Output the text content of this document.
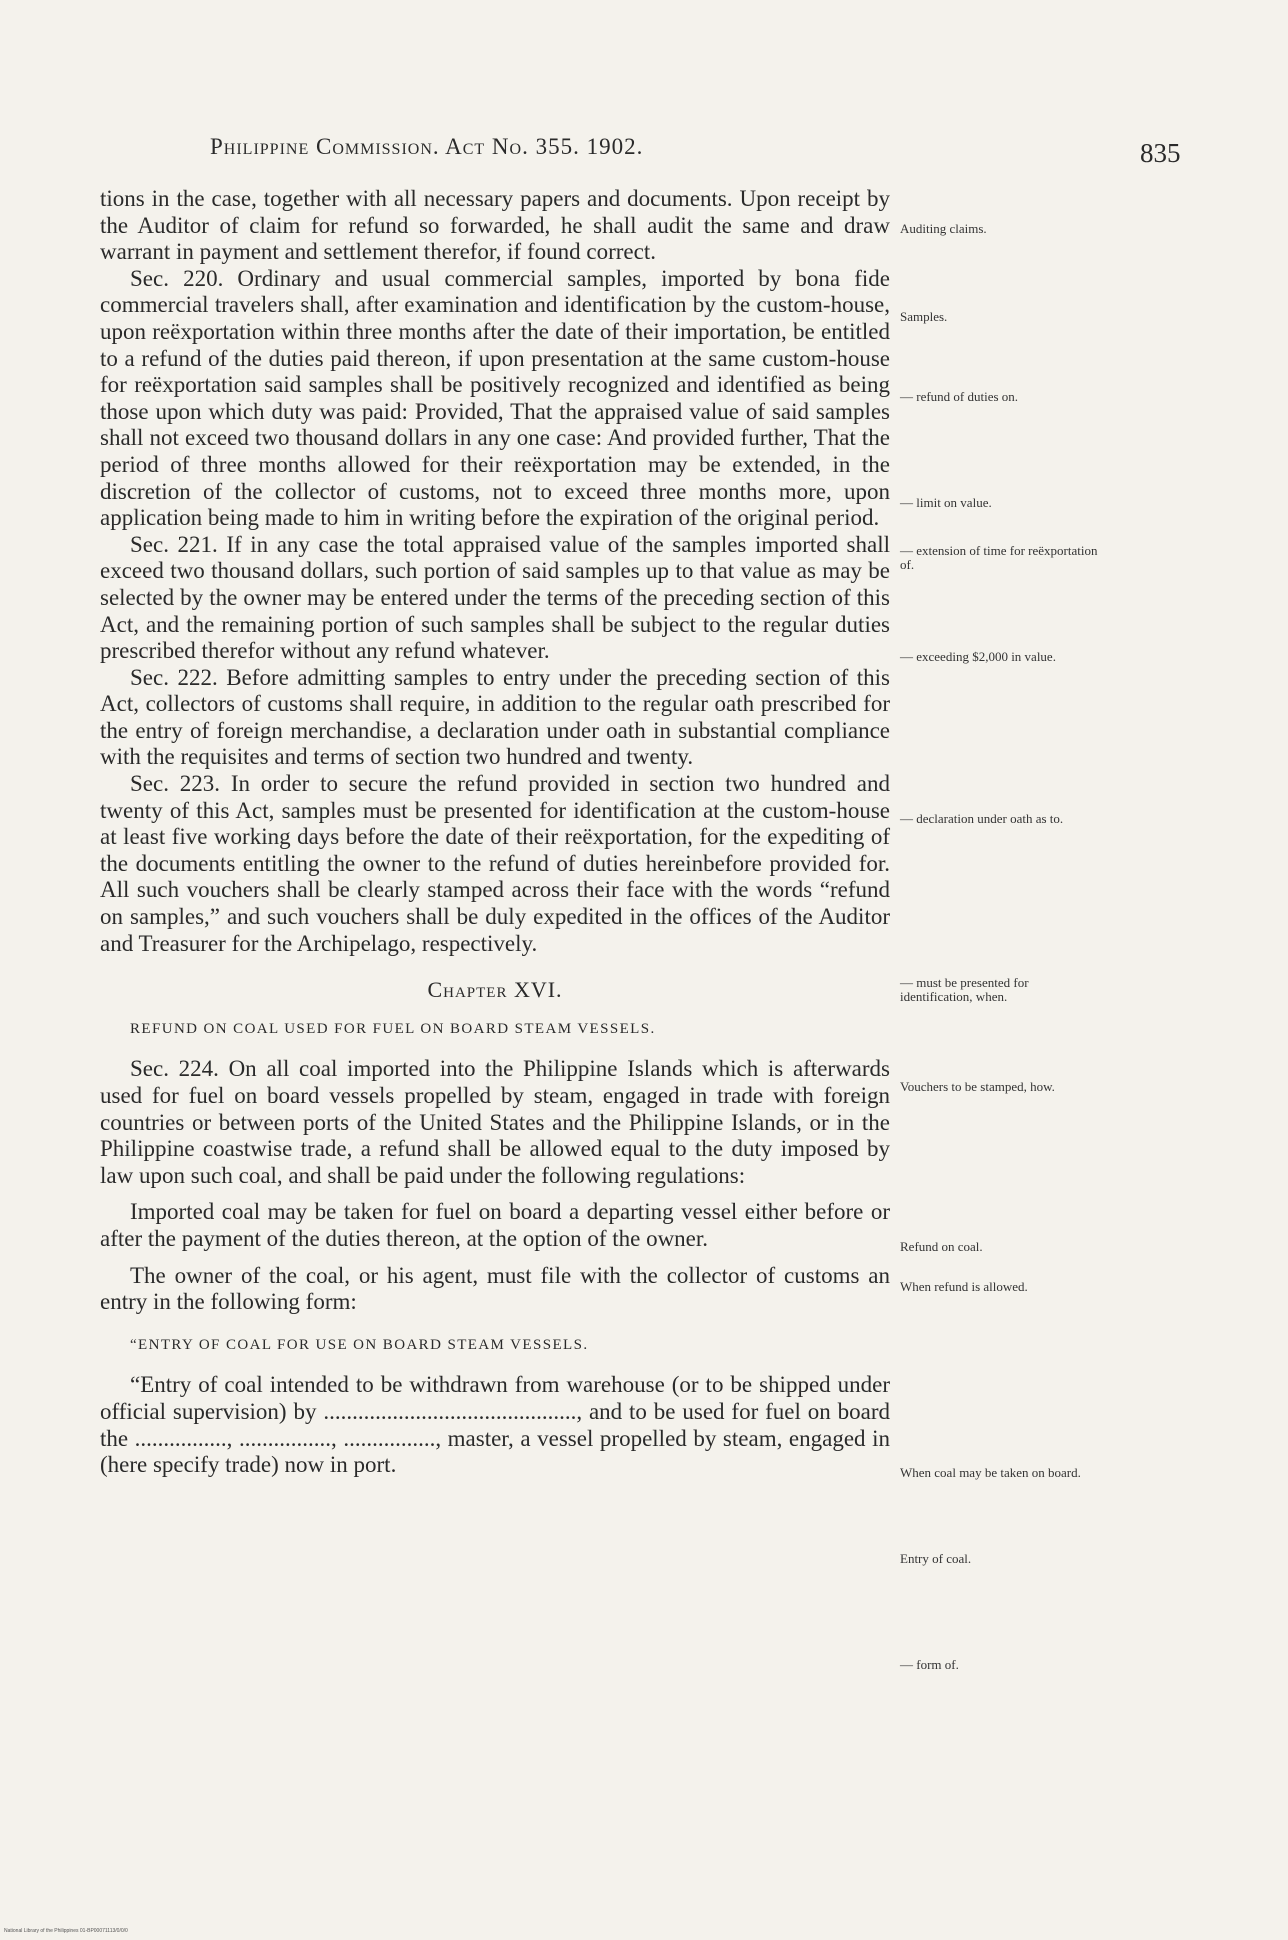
Philippine Commission. Act No. 355. 1902.	835

tions in the case, together with all necessary papers and documents. Upon receipt by the Auditor of claim for refund so forwarded, he shall audit the same and draw warrant in payment and settlement therefor, if found correct.

Sec. 220. Ordinary and usual commercial samples, imported by bona fide commercial travelers shall, after examination and identification by the custom-house, upon reëxportation within three months after the date of their importation, be entitled to a refund of the duties paid thereon, if upon presentation at the same custom-house for reëxportation said samples shall be positively recognized and identified as being those upon which duty was paid: Provided, That the appraised value of said samples shall not exceed two thousand dollars in any one case: And provided further, That the period of three months allowed for their reëxportation may be extended, in the discretion of the collector of customs, not to exceed three months more, upon application being made to him in writing before the expiration of the original period.

Sec. 221. If in any case the total appraised value of the samples imported shall exceed two thousand dollars, such portion of said samples up to that value as may be selected by the owner may be entered under the terms of the preceding section of this Act, and the remaining portion of such samples shall be subject to the regular duties prescribed therefor without any refund whatever.

Sec. 222. Before admitting samples to entry under the preceding section of this Act, collectors of customs shall require, in addition to the regular oath prescribed for the entry of foreign merchandise, a declaration under oath in substantial compliance with the requisites and terms of section two hundred and twenty.

Sec. 223. In order to secure the refund provided in section two hundred and twenty of this Act, samples must be presented for identification at the custom-house at least five working days before the date of their reëxportation, for the expediting of the documents entitling the owner to the refund of duties hereinbefore provided for. All such vouchers shall be clearly stamped across their face with the words “refund on samples,” and such vouchers shall be duly expedited in the offices of the Auditor and Treasurer for the Archipelago, respectively.

Chapter XVI.
REFUND ON COAL USED FOR FUEL ON BOARD STEAM VESSELS.

Sec. 224. On all coal imported into the Philippine Islands which is afterwards used for fuel on board vessels propelled by steam, engaged in trade with foreign countries or between ports of the United States and the Philippine Islands, or in the Philippine coastwise trade, a refund shall be allowed equal to the duty imposed by law upon such coal, and shall be paid under the following regulations:

Imported coal may be taken for fuel on board a departing vessel either before or after the payment of the duties thereon, at the option of the owner.

The owner of the coal, or his agent, must file with the collector of customs an entry in the following form:

“ENTRY OF COAL FOR USE ON BOARD STEAM VESSELS.

“Entry of coal intended to be withdrawn from warehouse (or to be shipped under official supervision) by ............................................, and to be used for fuel on board the ................, ................, ................, master, a vessel propelled by steam, engaged in (here specify trade) now in port.

Auditing claims.
Samples.
— refund of duties on.
— limit on value.
— extension of time for reëxportation of.
— exceeding $2,000 in value.
— declaration under oath as to.
— must be presented for identification, when.
Vouchers to be stamped, how.
Refund on coal.
When refund is allowed.
When coal may be taken on board.
Entry of coal.
— form of.
National Library of the Philippines 01-BP00071113/0/0/0
